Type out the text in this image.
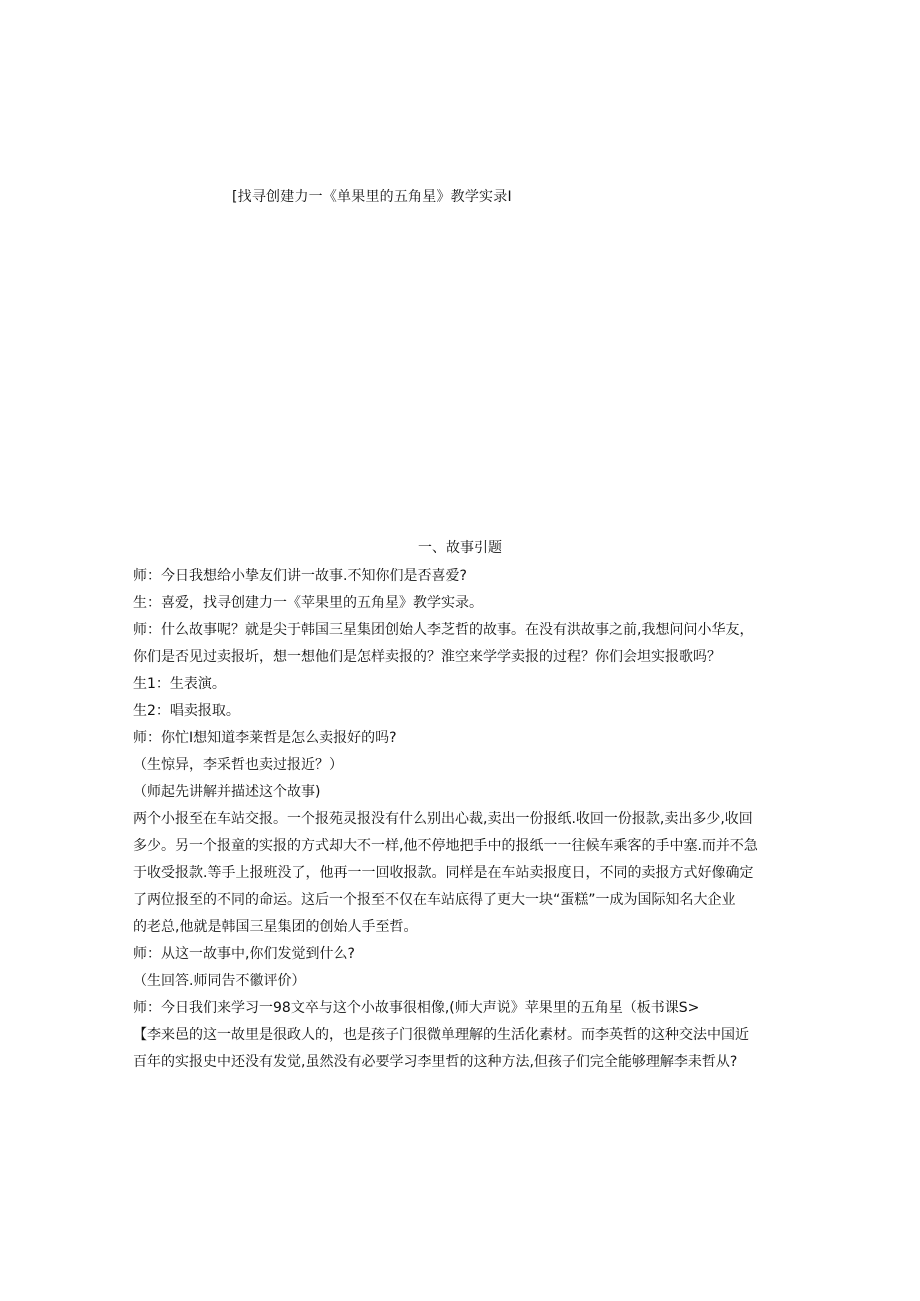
[找寻创建力一《单果里的五角星》教学实录I
一、故事引题
师：今日我想给小挚友们讲一故事.不知你们是否喜爱?
生：喜爱，找寻创建力一《苹果里的五角星》教学实录。
师：什么故事呢？就是尖于韩国三星集团创始人李芝哲的故事。在没有洪故事之前,我想问问小华友，
你们是否见过卖报圻，想一想他们是怎样卖报的？淮空来学学卖报的过程？你们会坦实报歌吗？
生1：生表演。
生2：唱卖报取。
师：你忙I想知道李莱哲是怎么卖报好的吗?
（生惊异，李采哲也卖过报近？）
（师起先讲解并描述这个故事)
两个小报至在车站交报。一个报苑灵报没有什么别出心裁,卖出一份报纸.收回一份报款,卖出多少,收回
多少。另一个报童的实报的方式却大不一样,他不停地把手中的报纸一一往候车乘客的手中塞.而并不急
于收受报款.等手上报班没了，他再一一回收报款。同样是在车站卖报度日，不同的卖报方式好像确定
了两位报至的不同的命运。这后一个报至不仅在车站底得了更大一块“蛋糕”一成为国际知名大企业
的老总,他就是韩国三星集团的创始人手至哲。
师：从这一故事中,你们发觉到什么?
（生回答.师同告不徽评价）
师：今日我们来学习一98文卒与这个小故事很相像,(师大声说》苹果里的五角星（板书课S>
【李来邑的这一故里是很政人的，也是孩子门很微单理解的生活化素材。而李英哲的这种交法中国近
百年的实报史中还没有发觉,虽然没有必要学习李里哲的这种方法,但孩子们完全能够理解李耒哲从?
